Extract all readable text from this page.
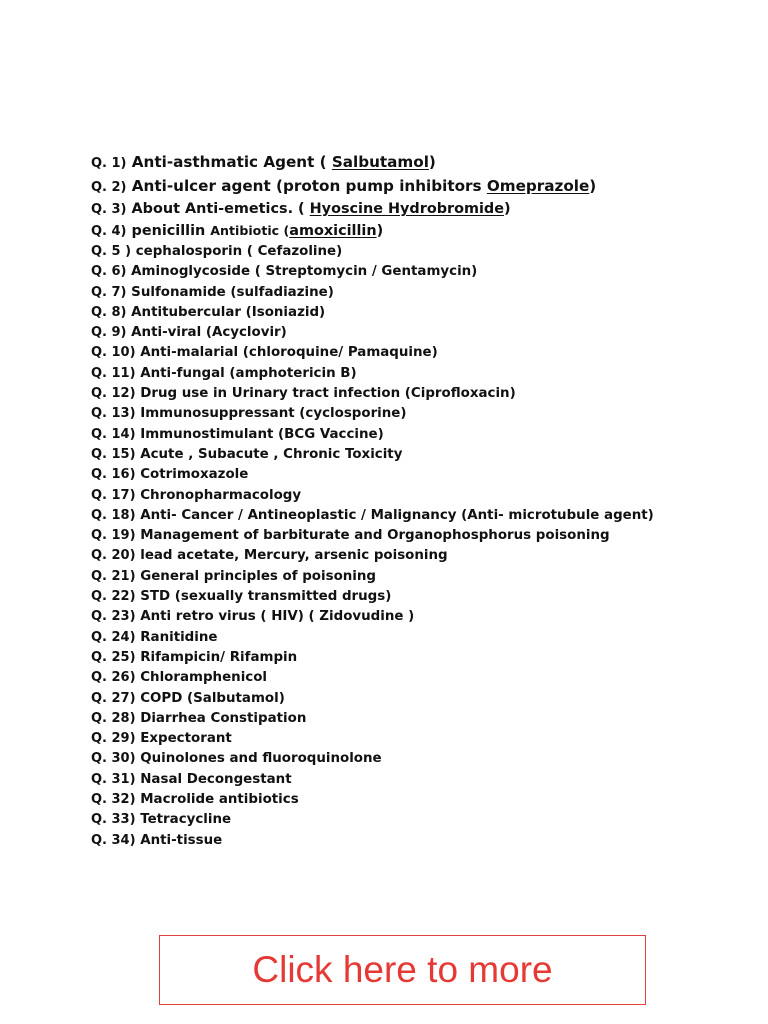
Q. 1) Anti-asthmatic Agent ( Salbutamol)
Q. 2) Anti-ulcer agent (proton pump inhibitors Omeprazole)
Q. 3) About Anti-emetics. ( Hyoscine Hydrobromide)
Q. 4) penicillin Antibiotic (amoxicillin)
Q. 5 ) cephalosporin ( Cefazoline)
Q. 6) Aminoglycoside ( Streptomycin / Gentamycin)
Q. 7) Sulfonamide (sulfadiazine)
Q. 8) Antitubercular (Isoniazid)
Q. 9) Anti-viral (Acyclovir)
Q. 10) Anti-malarial (chloroquine/ Pamaquine)
Q. 11) Anti-fungal (amphotericin B)
Q. 12) Drug use in Urinary tract infection (Ciprofloxacin)
Q. 13) Immunosuppressant (cyclosporine)
Q. 14) Immunostimulant (BCG Vaccine)
Q. 15) Acute , Subacute , Chronic Toxicity
Q. 16) Cotrimoxazole
Q. 17) Chronopharmacology
Q. 18) Anti- Cancer / Antineoplastic / Malignancy (Anti- microtubule agent)
Q. 19) Management of barbiturate and Organophosphorus poisoning
Q. 20) lead acetate, Mercury, arsenic poisoning
Q. 21) General principles of poisoning
Q. 22) STD (sexually transmitted drugs)
Q. 23) Anti retro virus ( HIV) ( Zidovudine )
Q. 24) Ranitidine
Q. 25) Rifampicin/ Rifampin
Q. 26) Chloramphenicol
Q. 27) COPD (Salbutamol)
Q. 28) Diarrhea Constipation
Q. 29) Expectorant
Q. 30) Quinolones and fluoroquinolone
Q. 31) Nasal Decongestant
Q. 32) Macrolide antibiotics
Q. 33) Tetracycline
Q. 34) Anti-tissue
Click here to more
